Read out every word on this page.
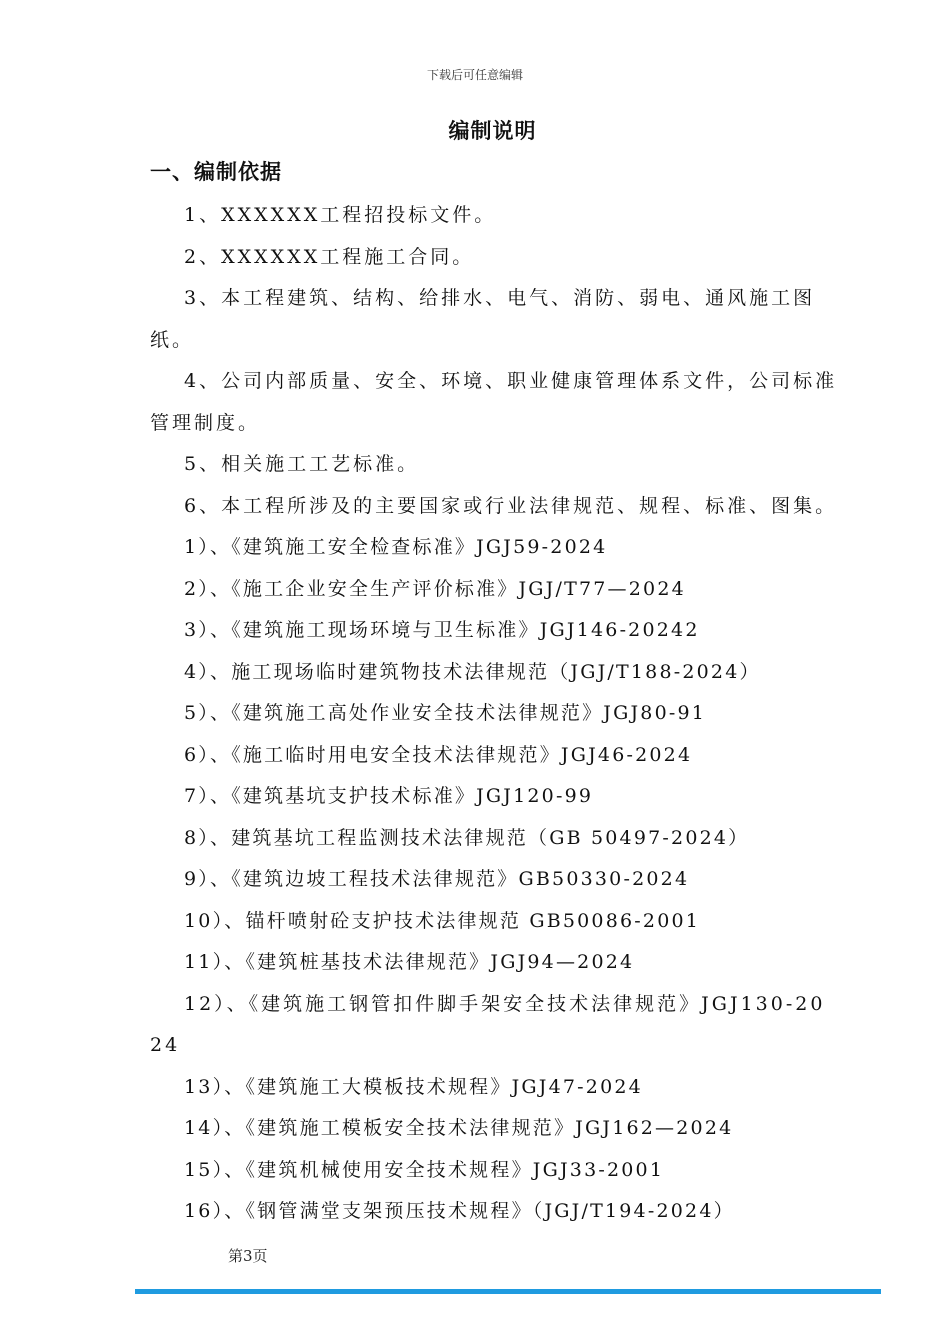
下载后可任意编辑
编制说明
一、编制依据

1、XXXXXX工程招投标文件。

2、XXXXXX工程施工合同。

3、本工程建筑、结构、给排水、电气、消防、弱电、通风施工图纸。

4、公司内部质量、安全、环境、职业健康管理体系文件，公司标准管理制度。

5、相关施工工艺标准。

6、本工程所涉及的主要国家或行业法律规范、规程、标准、图集。

1）、《建筑施工安全检查标准》JGJ59-2024

2）、《施工企业安全生产评价标准》JGJ/T77—2024

3）、《建筑施工现场环境与卫生标准》JGJ146-20242

4）、施工现场临时建筑物技术法律规范（JGJ/T188-2024）

5）、《建筑施工高处作业安全技术法律规范》JGJ80-91

6）、《施工临时用电安全技术法律规范》JGJ46-2024

7）、《建筑基坑支护技术标准》JGJ120-99

8）、建筑基坑工程监测技术法律规范（GB 50497-2024）

9）、《建筑边坡工程技术法律规范》GB50330-2024

10）、锚杆喷射砼支护技术法律规范 GB50086-2001

11）、《建筑桩基技术法律规范》JGJ94—2024

12）、《建筑施工钢管扣件脚手架安全技术法律规范》JGJ130-2024

13）、《建筑施工大模板技术规程》JGJ47-2024

14）、《建筑施工模板安全技术法律规范》JGJ162—2024

15）、《建筑机械使用安全技术规程》JGJ33-2001

16）、《钢管满堂支架预压技术规程》（JGJ/T194-2024）

第3页
